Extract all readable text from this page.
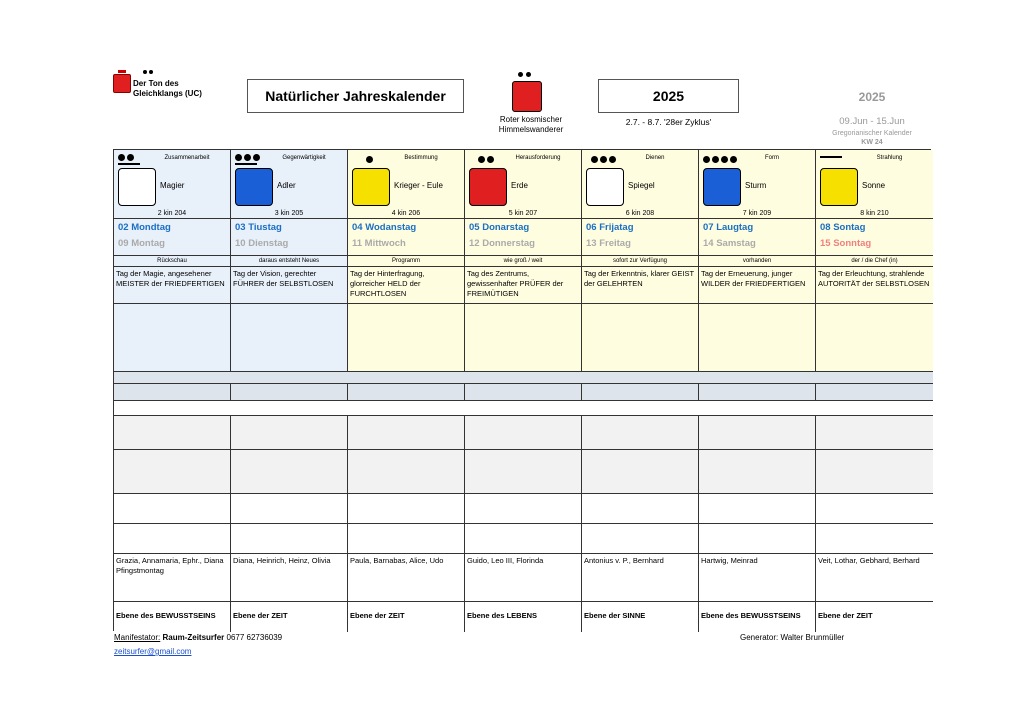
Der Ton des Gleichklangs (UC)	Natürlicher Jahreskalender
Roter kosmischer Himmelswanderer
2025
2.7. - 8.7. '28er Zyklus'
2025
09.Jun - 15.Jun
Gregorianischer Kalender
KW 24
Zusammenarbeit
Magier
2 kin 204
02 Mondtag
09 Montag
Rückschau
Tag der Magie, angesehener MEISTER der FRIEDFERTIGEN
Grazia, Annamaria, Ephr., Diana Pfingstmontag
Ebene des BEWUSSTSEINS
Gegenwärtigkeit
Adler
3 kin 205
03 Tiustag
10 Dienstag
daraus entsteht Neues
Tag der Vision, gerechter FÜHRER der SELBSTLOSEN
Diana, Heinrich, Heinz, Olivia
Ebene der ZEIT
Bestimmung
Krieger - Eule
4 kin 206
04 Wodanstag
11 Mittwoch
Programm
Tag der Hinterfragung, glorreicher HELD der FURCHTLOSEN
Paula, Barnabas, Alice, Udo
Ebene der ZEIT
Herausforderung
Erde
5 kin 207
05 Donarstag
12 Donnerstag
wie groß / weit
Tag des Zentrums, gewissenhafter PRÜFER der FREIMÜTIGEN
Guido, Leo III, Florinda
Ebene des LEBENS
Dienen
Spiegel
6 kin 208
06 Frijatag
13 Freitag
sofort zur Verfügung
Tag der Erkenntnis, klarer GEIST der GELEHRTEN
Antonius v. P., Bernhard
Ebene der SINNE
Form
Sturm
7 kin 209
07 Laugtag
14 Samstag
vorhanden
Tag der Erneuerung, junger WILDER der FRIEDFERTIGEN
Hartwig, Meinrad
Ebene des BEWUSSTSEINS
Strahlung
Sonne
8 kin 210
08 Sontag
15 Sonntag
der / die Chef (in)
Tag der Erleuchtung, strahlende AUTORITÄT der SELBSTLOSEN
Veit, Lothar, Gebhard, Berhard
Ebene der ZEIT
Manifestator: Raum-Zeitsurfer 0677 62736039
zeitsurfer@gmail.com
Generator: Walter Brunmüller
